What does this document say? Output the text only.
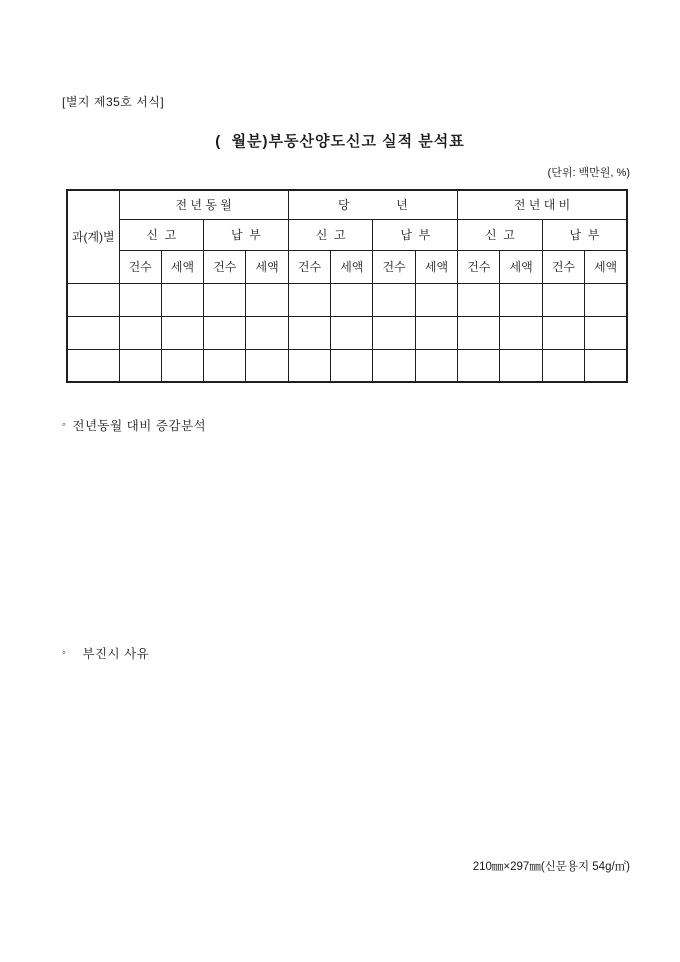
[별지 제35호 서식]
(  월분)부동산양도신고 실적 분석표
(단위: 백만원, %)
과(계)별	전 년 동 월				당              년				전 년 대 비			
	신  고		납  부		신  고		납  부		신  고		납  부	
	건수	세액	건수	세액	건수	세액	건수	세액	건수	세액	건수	세액

◦ 전년동월 대비 증감분석
◦ 부진시 사유
210㎜×297㎜(신문용지 54g/㎡)
